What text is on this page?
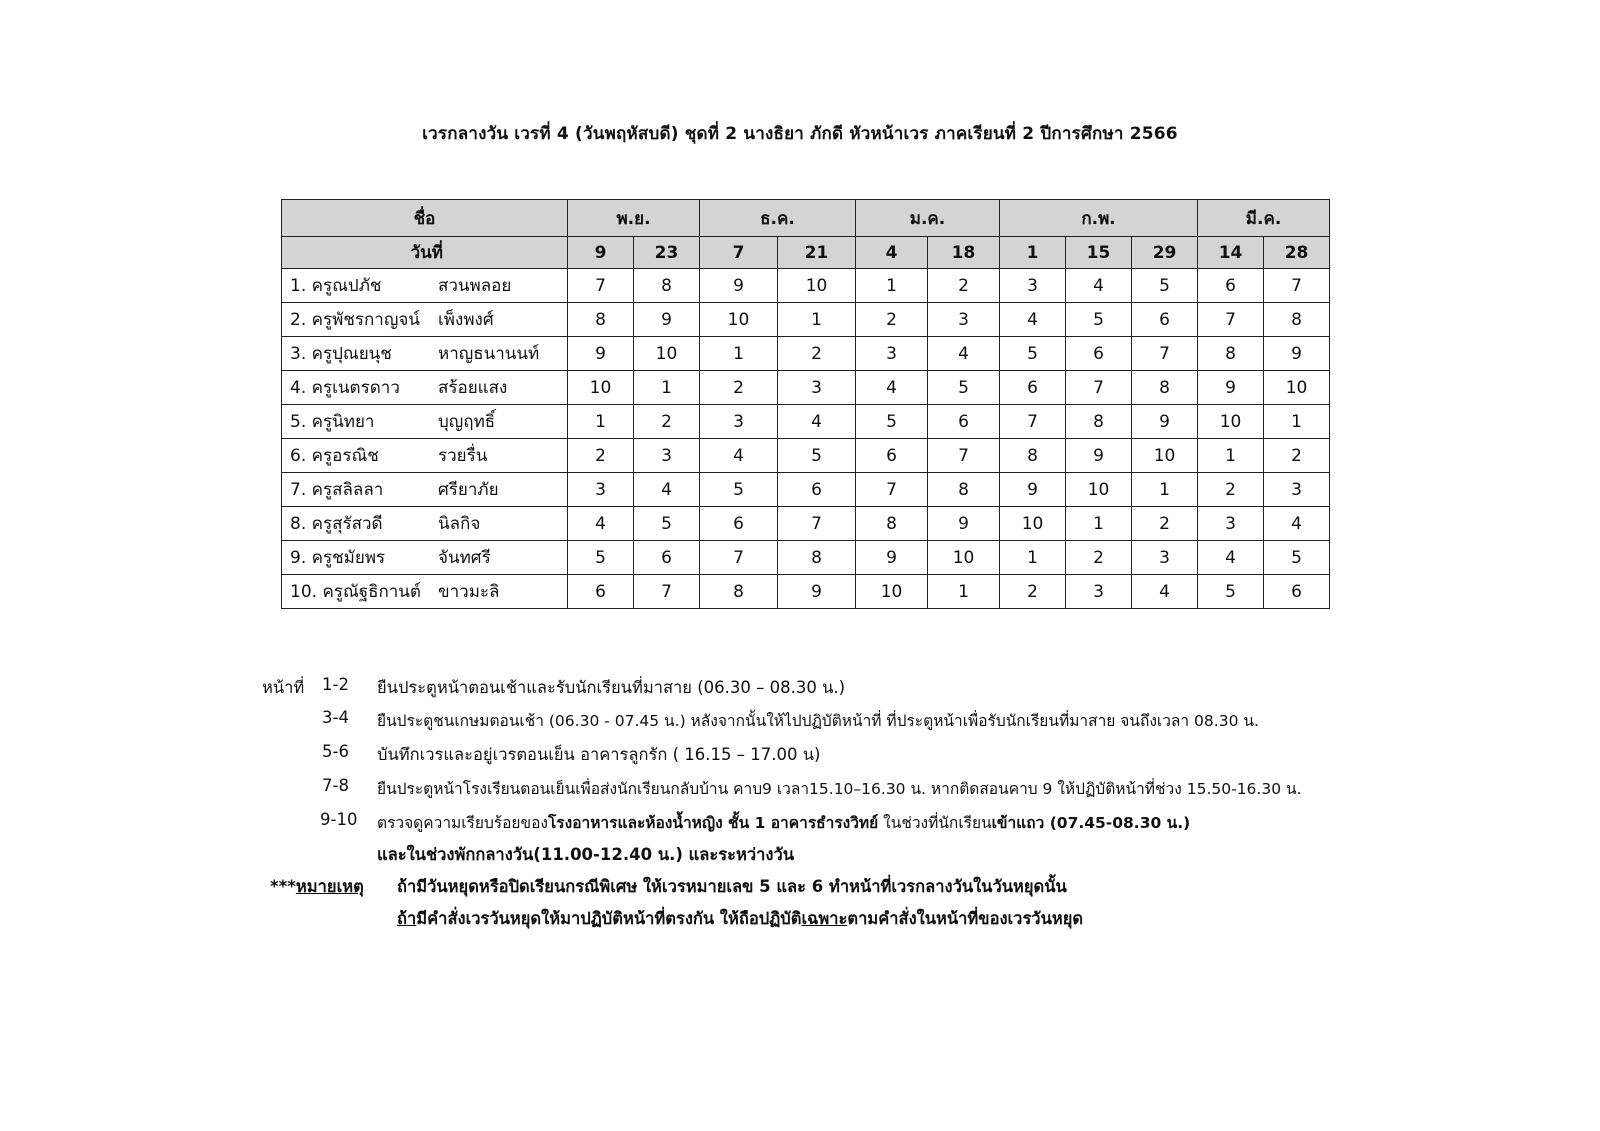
เวรกลางวัน เวรที่ 4 (วันพฤหัสบดี) ชุดที่ 2 นางธิยา ภักดี หัวหน้าเวร ภาคเรียนที่ 2 ปีการศึกษา 2566
ชื่อ	พ.ย.		ธ.ค.		ม.ค.		ก.พ.			มี.ค.	
วันที่	9	23	7	21	4	18	1	15	29	14	28
1. ครูณปภัช สวนพลอย	7	8	9	10	1	2	3	4	5	6	7
2. ครูพัชรกาญจน์ เพ็งพงศ์	8	9	10	1	2	3	4	5	6	7	8
3. ครูปุณยนุช หาญธนานนท์	9	10	1	2	3	4	5	6	7	8	9
4. ครูเนตรดาว สร้อยแสง	10	1	2	3	4	5	6	7	8	9	10
5. ครูนิทยา บุญฤทธิ์	1	2	3	4	5	6	7	8	9	10	1
6. ครูอรณิช รวยรื่น	2	3	4	5	6	7	8	9	10	1	2
7. ครูสลิลลา ศรียาภัย	3	4	5	6	7	8	9	10	1	2	3
8. ครูสุรัสวดี นิลกิจ	4	5	6	7	8	9	10	1	2	3	4
9. ครูชมัยพร จันทศรี	5	6	7	8	9	10	1	2	3	4	5
10. ครูณัฐธิกานต์ ขาวมะลิ	6	7	8	9	10	1	2	3	4	5	6
หน้าที่ 1-2 ยืนประตูหน้าตอนเช้าและรับนักเรียนที่มาสาย (06.30 – 08.30 น.)
3-4 ยืนประตูชนเกษมตอนเช้า (06.30 - 07.45 น.) หลังจากนั้นให้ไปปฏิบัติหน้าที่ ที่ประตูหน้าเพื่อรับนักเรียนที่มาสาย จนถึงเวลา 08.30 น.
5-6 บันทึกเวรและอยู่เวรตอนเย็น อาคารลูกรัก ( 16.15 – 17.00 น)
7-8 ยืนประตูหน้าโรงเรียนตอนเย็นเพื่อส่งนักเรียนกลับบ้าน คาบ9 เวลา15.10–16.30 น. หากติดสอนคาบ 9 ให้ปฏิบัติหน้าที่ช่วง 15.50-16.30 น.
9-10 ตรวจดูความเรียบร้อยของโรงอาหารและห้องน้ำหญิง ชั้น 1 อาคารธำรงวิทย์ ในช่วงที่นักเรียนเข้าแถว (07.45-08.30 น.)
และในช่วงพักกลางวัน(11.00-12.40 น.) และระหว่างวัน
***หมายเหตุ ถ้ามีวันหยุดหรือปิดเรียนกรณีพิเศษ ให้เวรหมายเลข 5 และ 6 ทำหน้าที่เวรกลางวันในวันหยุดนั้น
ถ้ามีคำสั่งเวรวันหยุดให้มาปฏิบัติหน้าที่ตรงกัน ให้ถือปฏิบัติเฉพาะตามคำสั่งในหน้าที่ของเวรวันหยุด
